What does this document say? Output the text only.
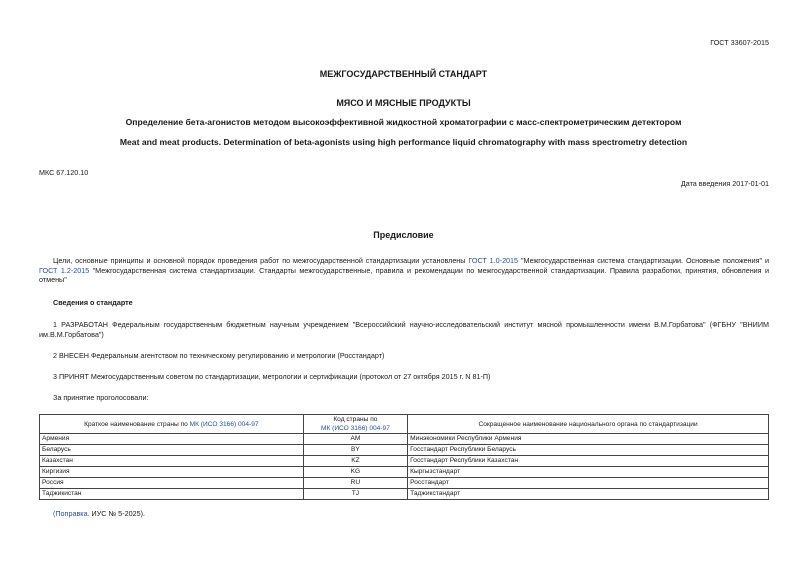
ГОСТ 33607-2015
МЕЖГОСУДАРСТВЕННЫЙ СТАНДАРТ
МЯСО И МЯСНЫЕ ПРОДУКТЫ
Определение бета-агонистов методом высокоэффективной жидкостной хроматографии с масс-спектрометрическим детектором
Meat and meat products. Determination of beta-agonists using high performance liquid chromatography with mass spectrometry detection
МКС 67.120.10
Дата введения 2017-01-01
Предисловие
Цели, основные принципы и основной порядок проведения работ по межгосударственной стандартизации установлены ГОСТ 1.0-2015 "Межгосударственная система стандартизации. Основные положения" и ГОСТ 1.2-2015 "Межгосударственная система стандартизации. Стандарты межгосударственные, правила и рекомендации по межгосударственной стандартизации. Правила разработки, принятия, обновления и отмены"
Сведения о стандарте
1 РАЗРАБОТАН Федеральным государственным бюджетным научным учреждением "Всероссийский научно-исследовательский институт мясной промышленности имени В.М.Горбатова" (ФГБНУ "ВНИИМ им.В.М.Горбатова")
2 ВНЕСЕН Федеральным агентством по техническому регулированию и метрологии (Росстандарт)
3 ПРИНЯТ Межгосударственным советом по стандартизации, метрологии и сертификации (протокол от 27 октября 2015 г. N 81-П)
За принятие проголосовали:
Краткое наименование страны по МК (ИСО 3166) 004-97	Код страны по
МК (ИСО 3166) 004-97	Сокращенное наименование национального органа по стандартизации
Армения	AM	Минэкономики Республики Армения
Беларусь	BY	Госстандарт Республики Беларусь
Казахстан	KZ	Госстандарт Республики Казахстан
Киргизия	KG	Кыргызстандарт
Россия	RU	Росстандарт
Таджикистан	TJ	Таджикстандарт
(Поправка. ИУС № 5-2025).
